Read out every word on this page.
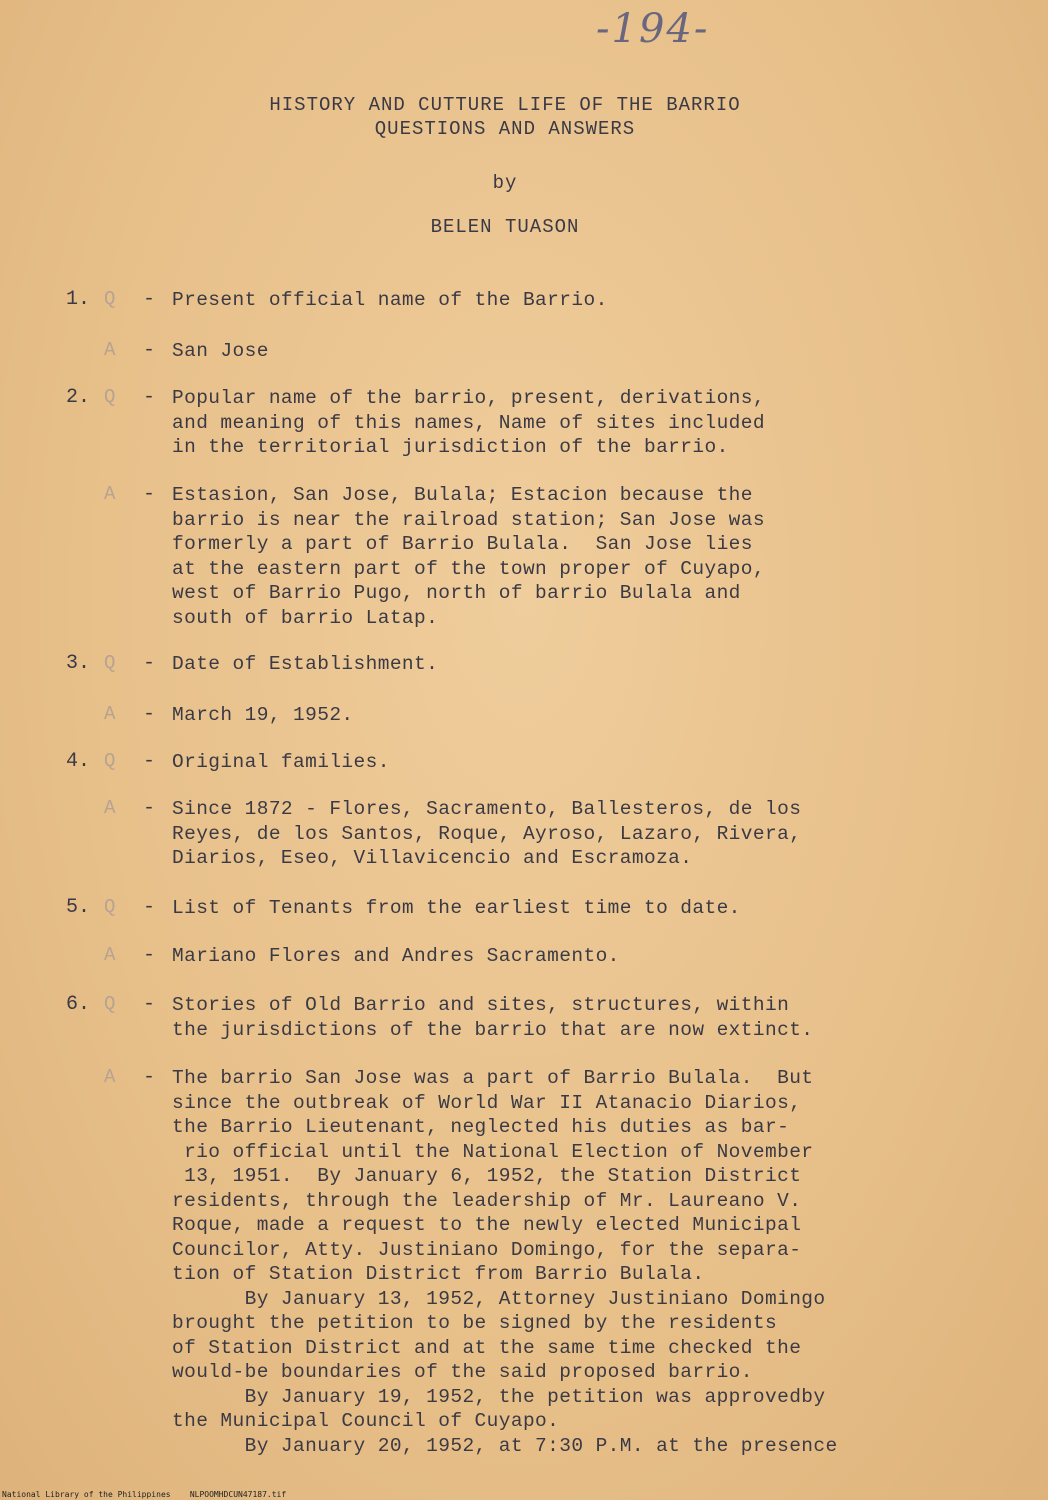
-194-
HISTORY AND CUTTURE LIFE OF THE BARRIO
QUESTIONS AND ANSWERS
by
BELEN TUASON
1. Q - Present official name of the Barrio.
A - San Jose
2. Q - Popular name of the barrio, present, derivations,
and meaning of this names, Name of sites included
in the territorial jurisdiction of the barrio.
A - Estasion, San Jose, Bulala; Estacion because the
barrio is near the railroad station; San Jose was
formerly a part of Barrio Bulala.  San Jose lies
at the eastern part of the town proper of Cuyapo,
west of Barrio Pugo, north of barrio Bulala and
south of barrio Latap.
3. Q - Date of Establishment.
A - March 19, 1952.
4. Q - Original families.
A - Since 1872 - Flores, Sacramento, Ballesteros, de los
Reyes, de los Santos, Roque, Ayroso, Lazaro, Rivera,
Diarios, Eseo, Villavicencio and Escramoza.
5. Q - List of Tenants from the earliest time to date.
A - Mariano Flores and Andres Sacramento.
6. Q - Stories of Old Barrio and sites, structures, within
the jurisdictions of the barrio that are now extinct.
A - The barrio San Jose was a part of Barrio Bulala.  But
since the outbreak of World War II Atanacio Diarios,
the Barrio Lieutenant, neglected his duties as bar-
rio official until the National Election of November
13, 1951.  By January 6, 1952, the Station District
residents, through the leadership of Mr. Laureano V.
Roque, made a request to the newly elected Municipal
Councilor, Atty. Justiniano Domingo, for the separa-
tion of Station District from Barrio Bulala.
By January 13, 1952, Attorney Justiniano Domingo
brought the petition to be signed by the residents
of Station District and at the same time checked the
would-be boundaries of the said proposed barrio.
By January 19, 1952, the petition was approvedby
the Municipal Council of Cuyapo.
By January 20, 1952, at 7:30 P.M. at the presence
National Library of the Philippines    NLPOOMHDCUN47187.tif
